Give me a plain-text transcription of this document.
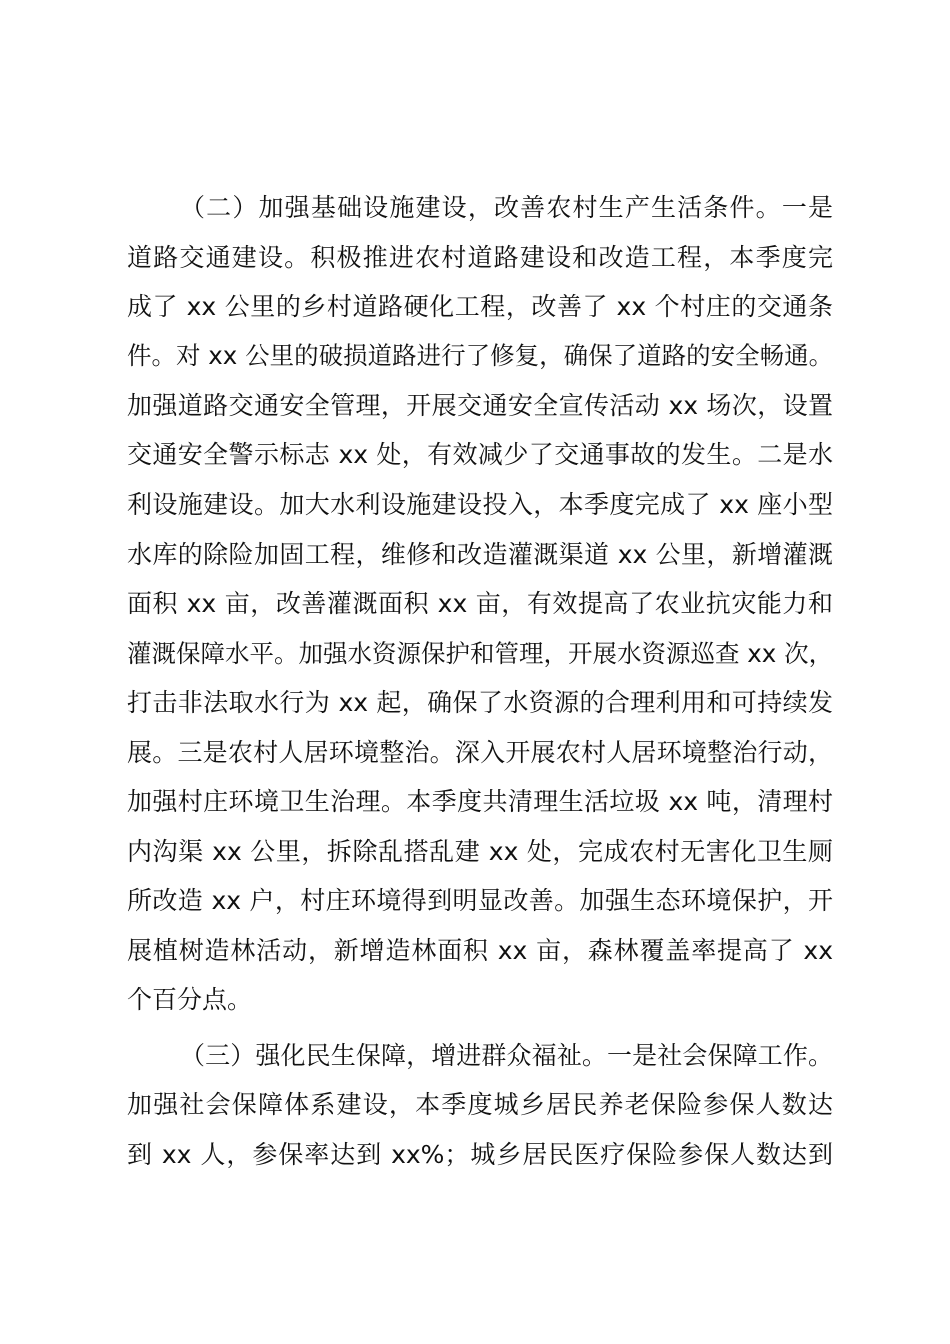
（二）加强基础设施建设，改善农村生产生活条件。一是
道路交通建设。积极推进农村道路建设和改造工程，本季度完
成了 xx 公里的乡村道路硬化工程，改善了 xx 个村庄的交通条
件。对 xx 公里的破损道路进行了修复，确保了道路的安全畅通。
加强道路交通安全管理，开展交通安全宣传活动 xx 场次，设置
交通安全警示标志 xx 处，有效减少了交通事故的发生。二是水
利设施建设。加大水利设施建设投入，本季度完成了 xx 座小型
水库的除险加固工程，维修和改造灌溉渠道 xx 公里，新增灌溉
面积 xx 亩，改善灌溉面积 xx 亩，有效提高了农业抗灾能力和
灌溉保障水平。加强水资源保护和管理，开展水资源巡查 xx 次，
打击非法取水行为 xx 起，确保了水资源的合理利用和可持续发
展。三是农村人居环境整治。深入开展农村人居环境整治行动，
加强村庄环境卫生治理。本季度共清理生活垃圾 xx 吨，清理村
内沟渠 xx 公里，拆除乱搭乱建 xx 处，完成农村无害化卫生厕
所改造 xx 户，村庄环境得到明显改善。加强生态环境保护，开
展植树造林活动，新增造林面积 xx 亩，森林覆盖率提高了 xx
个百分点。
（三）强化民生保障，增进群众福祉。一是社会保障工作。
加强社会保障体系建设，本季度城乡居民养老保险参保人数达
到 xx 人，参保率达到 xx%；城乡居民医疗保险参保人数达到
